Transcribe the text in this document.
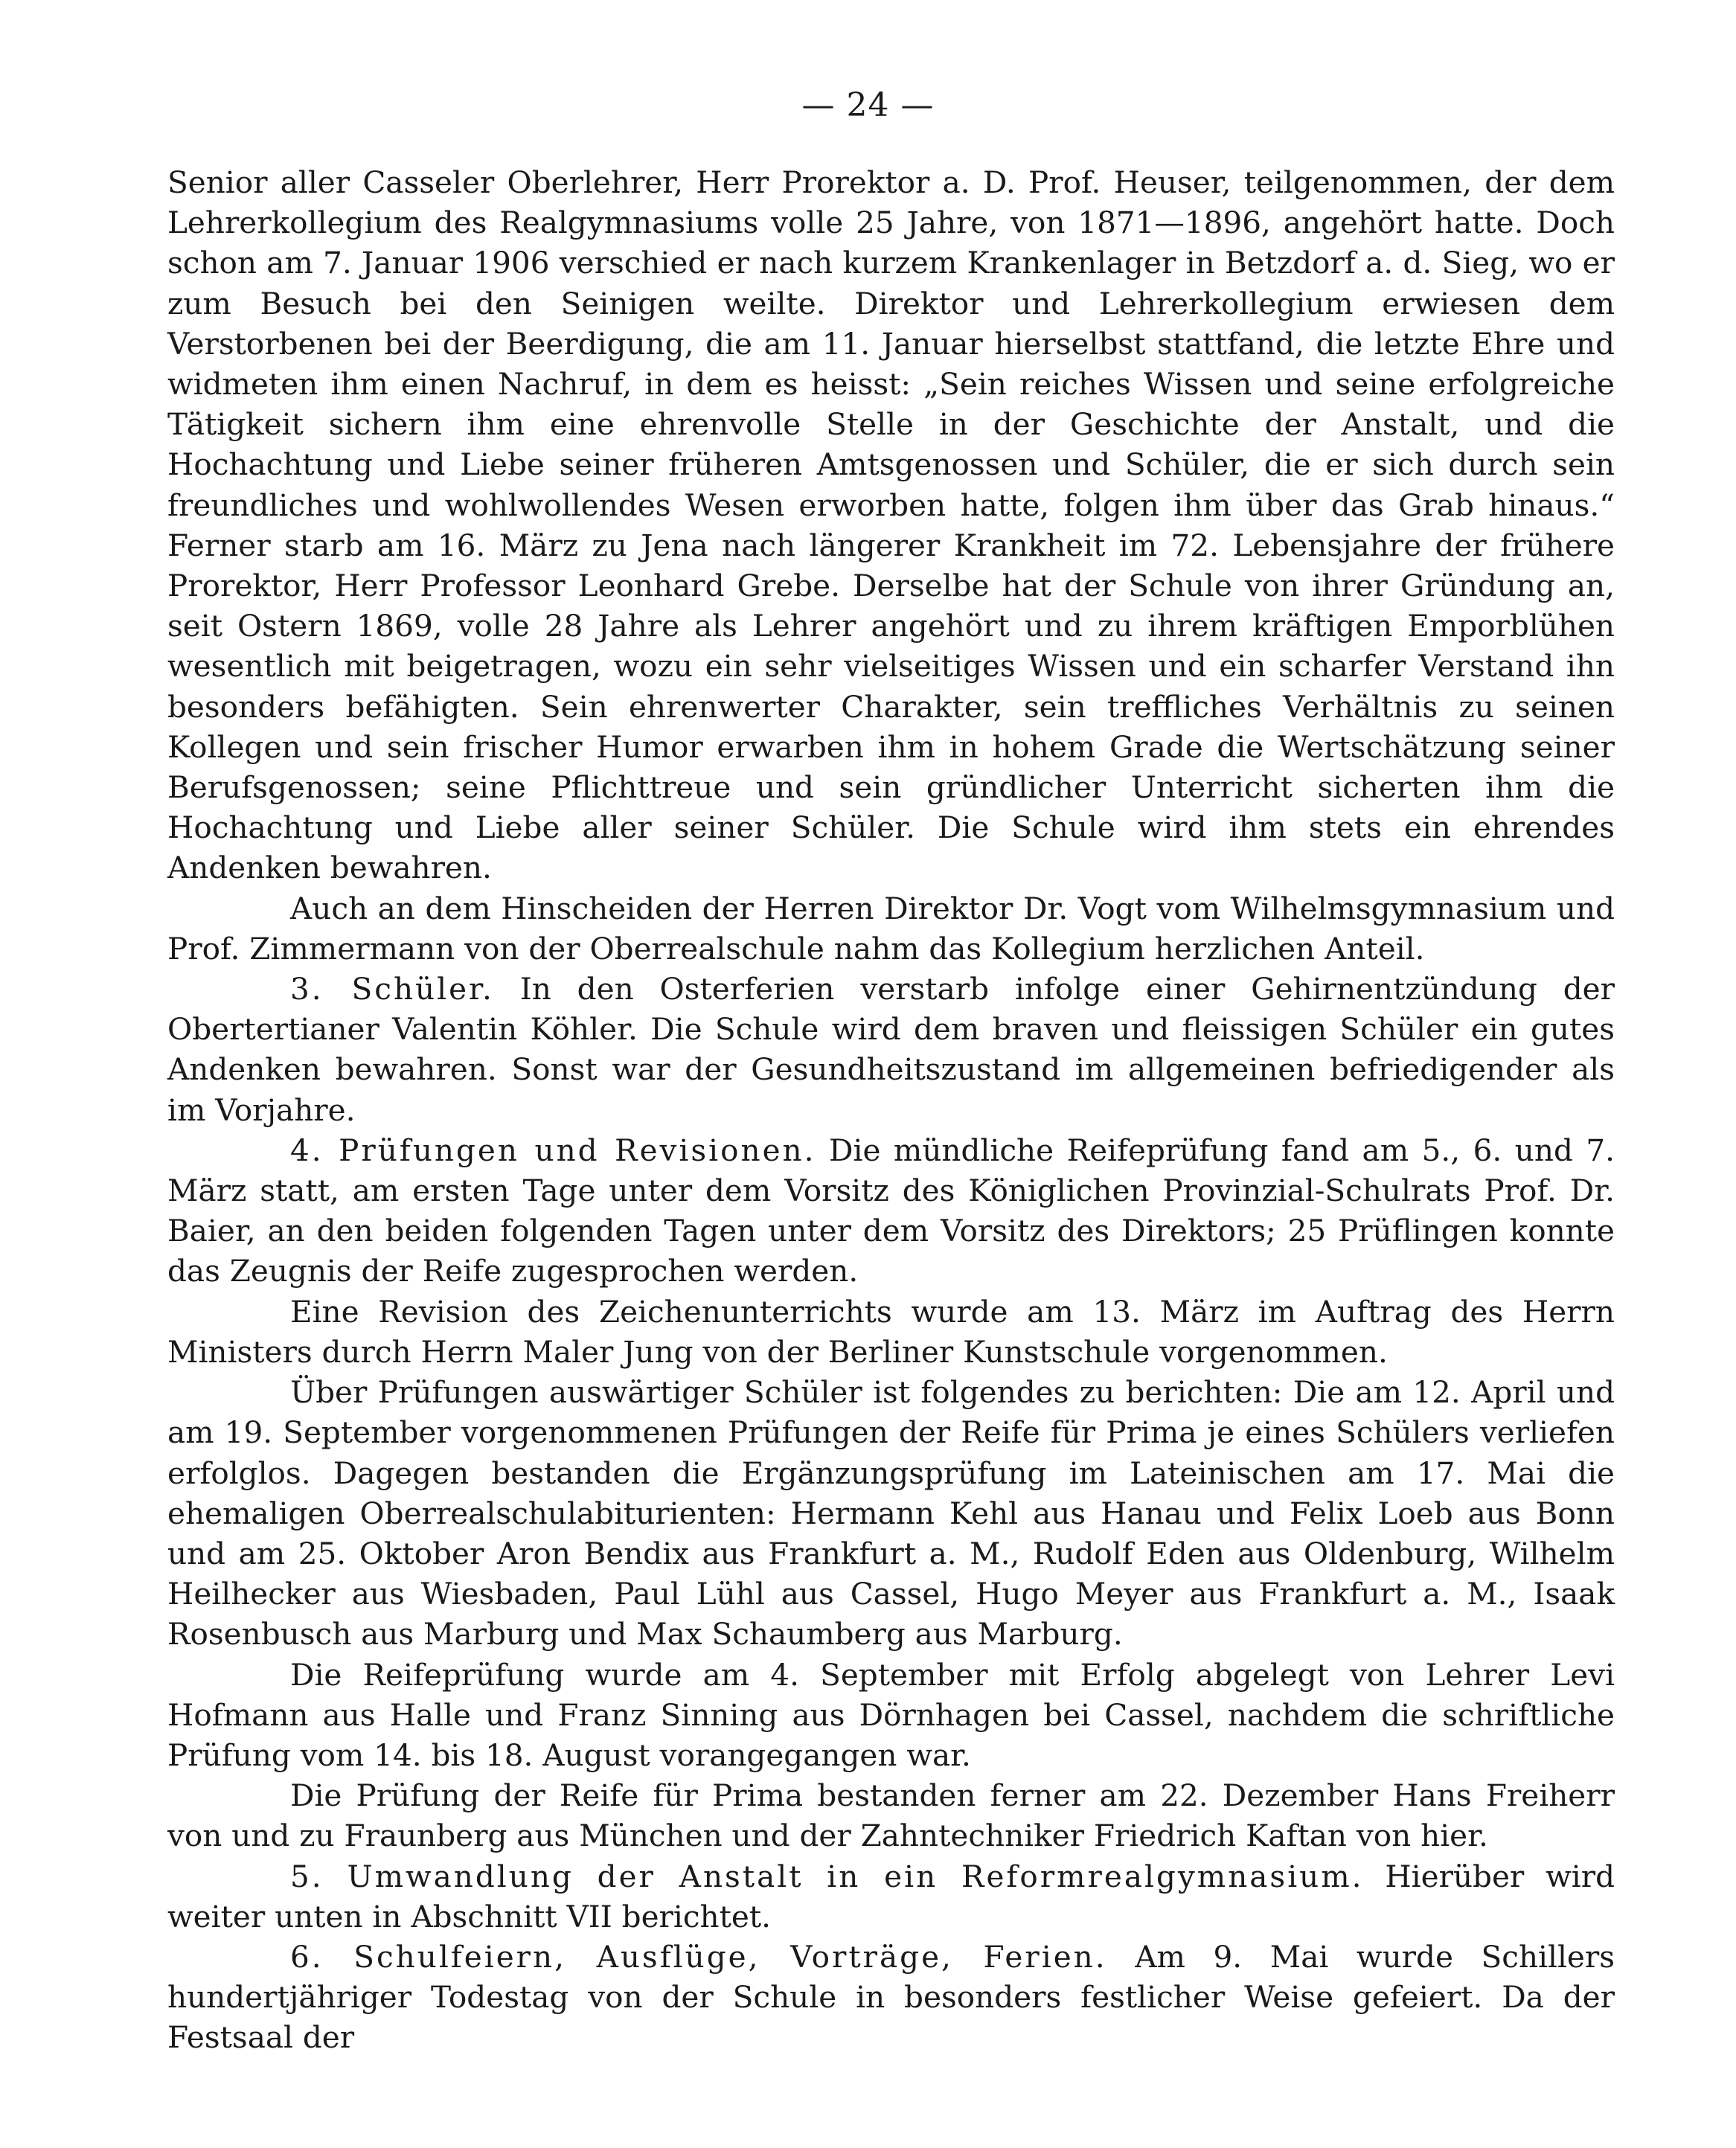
— 24 —

Senior aller Casseler Oberlehrer, Herr Prorektor a. D. Prof. Heuser, teilgenommen, der dem Lehrerkollegium des Realgymnasiums volle 25 Jahre, von 1871—1896, angehört hatte. Doch schon am 7. Januar 1906 verschied er nach kurzem Krankenlager in Betzdorf a. d. Sieg, wo er zum Besuch bei den Seinigen weilte. Direktor und Lehrerkollegium erwiesen dem Verstorbenen bei der Beerdigung, die am 11. Januar hierselbst stattfand, die letzte Ehre und widmeten ihm einen Nachruf, in dem es heisst: „Sein reiches Wissen und seine erfolgreiche Tätigkeit sichern ihm eine ehrenvolle Stelle in der Geschichte der Anstalt, und die Hochachtung und Liebe seiner früheren Amtsgenossen und Schüler, die er sich durch sein freundliches und wohlwollendes Wesen erworben hatte, folgen ihm über das Grab hinaus.“ Ferner starb am 16. März zu Jena nach längerer Krankheit im 72. Lebensjahre der frühere Prorektor, Herr Professor Leonhard Grebe. Derselbe hat der Schule von ihrer Gründung an, seit Ostern 1869, volle 28 Jahre als Lehrer angehört und zu ihrem kräftigen Emporblühen wesentlich mit beigetragen, wozu ein sehr vielseitiges Wissen und ein scharfer Verstand ihn besonders befähigten. Sein ehrenwerter Charakter, sein treffliches Verhältnis zu seinen Kollegen und sein frischer Humor erwarben ihm in hohem Grade die Wertschätzung seiner Berufsgenossen; seine Pflichttreue und sein gründlicher Unterricht sicherten ihm die Hochachtung und Liebe aller seiner Schüler. Die Schule wird ihm stets ein ehrendes Andenken bewahren.

Auch an dem Hinscheiden der Herren Direktor Dr. Vogt vom Wilhelmsgymnasium und Prof. Zimmermann von der Oberrealschule nahm das Kollegium herzlichen Anteil.

3. Schüler. In den Osterferien verstarb infolge einer Gehirnentzündung der Obertertianer Valentin Köhler. Die Schule wird dem braven und fleissigen Schüler ein gutes Andenken bewahren. Sonst war der Gesundheitszustand im allgemeinen befriedigender als im Vorjahre.

4. Prüfungen und Revisionen. Die mündliche Reifeprüfung fand am 5., 6. und 7. März statt, am ersten Tage unter dem Vorsitz des Königlichen Provinzial-Schulrats Prof. Dr. Baier, an den beiden folgenden Tagen unter dem Vorsitz des Direktors; 25 Prüflingen konnte das Zeugnis der Reife zugesprochen werden.

Eine Revision des Zeichenunterrichts wurde am 13. März im Auftrag des Herrn Ministers durch Herrn Maler Jung von der Berliner Kunstschule vorgenommen.

Über Prüfungen auswärtiger Schüler ist folgendes zu berichten: Die am 12. April und am 19. September vorgenommenen Prüfungen der Reife für Prima je eines Schülers verliefen erfolglos. Dagegen bestanden die Ergänzungsprüfung im Lateinischen am 17. Mai die ehemaligen Oberrealschulabiturienten: Hermann Kehl aus Hanau und Felix Loeb aus Bonn und am 25. Oktober Aron Bendix aus Frankfurt a. M., Rudolf Eden aus Oldenburg, Wilhelm Heilhecker aus Wiesbaden, Paul Lühl aus Cassel, Hugo Meyer aus Frankfurt a. M., Isaak Rosenbusch aus Marburg und Max Schaumberg aus Marburg.

Die Reifeprüfung wurde am 4. September mit Erfolg abgelegt von Lehrer Levi Hofmann aus Halle und Franz Sinning aus Dörnhagen bei Cassel, nachdem die schriftliche Prüfung vom 14. bis 18. August vorangegangen war.

Die Prüfung der Reife für Prima bestanden ferner am 22. Dezember Hans Freiherr von und zu Fraunberg aus München und der Zahntechniker Friedrich Kaftan von hier.

5. Umwandlung der Anstalt in ein Reformrealgymnasium. Hierüber wird weiter unten in Abschnitt VII berichtet.

6. Schulfeiern, Ausflüge, Vorträge, Ferien. Am 9. Mai wurde Schillers hundertjähriger Todestag von der Schule in besonders festlicher Weise gefeiert. Da der Festsaal der
